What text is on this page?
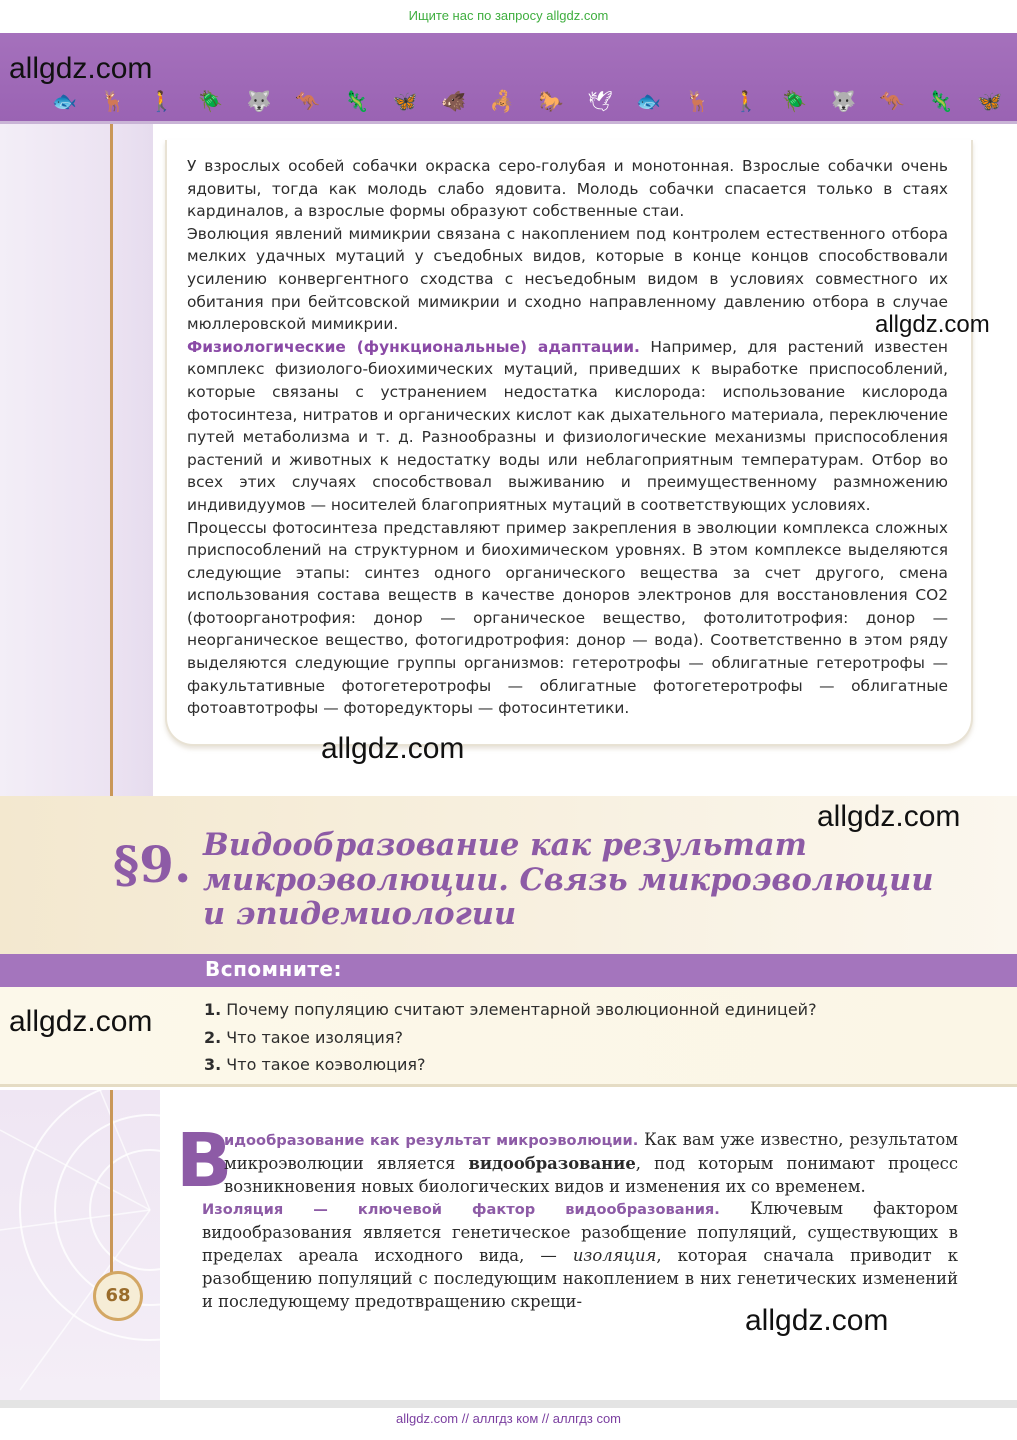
Ищите нас по запросу allgdz.com
allgdz.com
🐟 🦌 🚶 🪲 🐺 🦘 🦎 🦋 🐗 🦂 🐎 🕊 🐟 🦌 🚶 🪲 🐺 🦘 🦎 🦋

У взрослых особей собачки окраска серо-голубая и монотонная. Взрослые собачки очень ядовиты, тогда как молодь слабо ядовита. Молодь собачки спасается только в стаях кардиналов, а взрослые формы образуют собственные стаи.

Эволюция явлений мимикрии связана с накоплением под контролем естественного отбора мелких удачных мутаций у съедобных видов, которые в конце концов способствовали усилению конвергентного сходства с несъедобным видом в условиях совместного их обитания при бейтсовской мимикрии и сходно направленному давлению отбора в случае мюллеровской мимикрии.

Физиологические (функциональные) адаптации. Например, для растений известен комплекс физиолого-биохимических мутаций, приведших к выработке приспособлений, которые связаны с устранением недостатка кислорода: использование кислорода фотосинтеза, нитратов и органических кислот как дыхательного материала, переключение путей метаболизма и т. д. Разнообразны и физиологические механизмы приспособления растений и животных к недостатку воды или неблагоприятным температурам. Отбор во всех этих случаях способствовал выживанию и преимущественному размножению индивидуумов — носителей благоприятных мутаций в соответствующих условиях.

Процессы фотосинтеза представляют пример закрепления в эволюции комплекса сложных приспособлений на структурном и биохимическом уровнях. В этом комплексе выделяются следующие этапы: синтез одного органического вещества за счет другого, смена использования состава веществ в качестве доноров электронов для восстановления CO2 (фотоорганотрофия: донор — органическое вещество, фотолитотрофия: донор — неорганическое вещество, фотогидротрофия: донор — вода). Соответственно в этом ряду выделяются следующие группы организмов: гетеротрофы — облигатные гетеротрофы — факультативные фотогетеротрофы — облигатные фотогетеротрофы — облигатные фотоавтотрофы — фоторедукторы — фотосинтетики.

allgdz.com
allgdz.com
allgdz.com
§9. Видообразование как результат
микроэволюции. Связь микроэволюции
и эпидемиологии
Вспомните:
allgdz.com	1. Почему популяцию считают элементарной эволюционной единицей?
2. Что такое изоляция?
3. Что такое коэволюция?
68
В
идообразование как результат микроэволюции. Как вам уже известно, результатом микроэволюции является видообразование, под которым понимают процесс возникновения новых биологических видов и изменения их со временем.
Изоляция — ключевой фактор видообразования. Ключевым фактором видообразования является генетическое разобщение популяций, существующих в пределах ареала исходного вида, — изоляция, которая сначала приводит к разобщению популяций с последующим накоплением в них генетических изменений и последующему предотвращению скрещи-
allgdz.com
allgdz.com // аллгдз ком // аллгдз com
